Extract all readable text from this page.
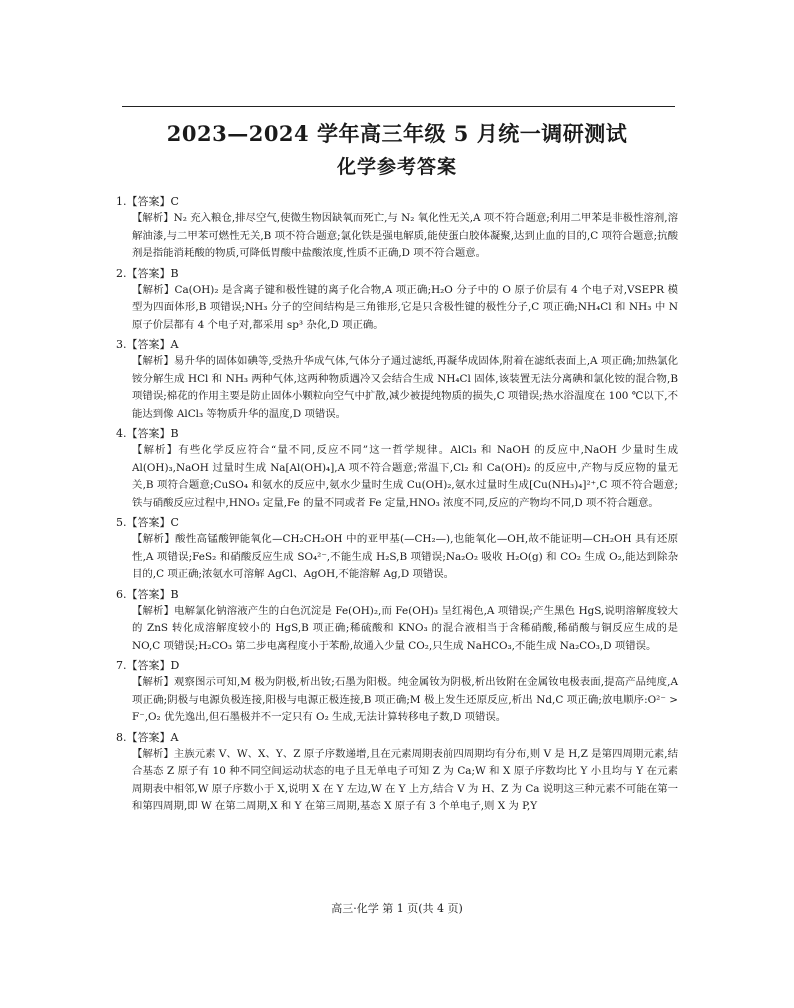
2023—2024 学年高三年级 5 月统一调研测试
化学参考答案

1.【答案】C

【解析】N₂ 充入粮仓,排尽空气,使微生物因缺氧而死亡,与 N₂ 氧化性无关,A 项不符合题意;利用二甲苯是非极性溶剂,溶解油漆,与二甲苯可燃性无关,B 项不符合题意;氯化铁是强电解质,能使蛋白胶体凝聚,达到止血的目的,C 项符合题意;抗酸剂是指能消耗酸的物质,可降低胃酸中盐酸浓度,性质不正确,D 项不符合题意。

2.【答案】B

【解析】Ca(OH)₂ 是含离子键和极性键的离子化合物,A 项正确;H₂O 分子中的 O 原子价层有 4 个电子对,VSEPR 模型为四面体形,B 项错误;NH₃ 分子的空间结构是三角锥形,它是只含极性键的极性分子,C 项正确;NH₄Cl 和 NH₃ 中 N 原子价层都有 4 个电子对,都采用 sp³ 杂化,D 项正确。

3.【答案】A

【解析】易升华的固体如碘等,受热升华成气体,气体分子通过滤纸,再凝华成固体,附着在滤纸表面上,A 项正确;加热氯化铵分解生成 HCl 和 NH₃ 两种气体,这两种物质遇冷又会结合生成 NH₄Cl 固体,该装置无法分离碘和氯化铵的混合物,B 项错误;棉花的作用主要是防止固体小颗粒向空气中扩散,减少被提纯物质的损失,C 项错误;热水浴温度在 100 ℃以下,不能达到像 AlCl₃ 等物质升华的温度,D 项错误。

4.【答案】B

【解析】有些化学反应符合“量不同,反应不同”这一哲学规律。AlCl₃ 和 NaOH 的反应中,NaOH 少量时生成 Al(OH)₃,NaOH 过量时生成 Na[Al(OH)₄],A 项不符合题意;常温下,Cl₂ 和 Ca(OH)₂ 的反应中,产物与反应物的量无关,B 项符合题意;CuSO₄ 和氨水的反应中,氨水少量时生成 Cu(OH)₂,氨水过量时生成[Cu(NH₃)₄]²⁺,C 项不符合题意;铁与硝酸反应过程中,HNO₃ 定量,Fe 的量不同或者 Fe 定量,HNO₃ 浓度不同,反应的产物均不同,D 项不符合题意。

5.【答案】C

【解析】酸性高锰酸钾能氧化—CH₂CH₂OH 中的亚甲基(—CH₂—),也能氧化—OH,故不能证明—CH₂OH 具有还原性,A 项错误;FeS₂ 和硝酸反应生成 SO₄²⁻,不能生成 H₂S,B 项错误;Na₂O₂ 吸收 H₂O(g) 和 CO₂ 生成 O₂,能达到除杂目的,C 项正确;浓氨水可溶解 AgCl、AgOH,不能溶解 Ag,D 项错误。

6.【答案】B

【解析】电解氯化钠溶液产生的白色沉淀是 Fe(OH)₂,而 Fe(OH)₃ 呈红褐色,A 项错误;产生黑色 HgS,说明溶解度较大的 ZnS 转化成溶解度较小的 HgS,B 项正确;稀硫酸和 KNO₃ 的混合液相当于含稀硝酸,稀硝酸与铜反应生成的是 NO,C 项错误;H₂CO₃ 第二步电离程度小于苯酚,故通入少量 CO₂,只生成 NaHCO₃,不能生成 Na₂CO₃,D 项错误。

7.【答案】D

【解析】观察图示可知,M 极为阴极,析出钕;石墨为阳极。纯金属钕为阴极,析出钕附在金属钕电极表面,提高产品纯度,A 项正确;阴极与电源负极连接,阳极与电源正极连接,B 项正确;M 极上发生还原反应,析出 Nd,C 项正确;放电顺序:O²⁻ > F⁻,O₂ 优先逸出,但石墨极并不一定只有 O₂ 生成,无法计算转移电子数,D 项错误。

8.【答案】A

【解析】主族元素 V、W、X、Y、Z 原子序数递增,且在元素周期表前四周期均有分布,则 V 是 H,Z 是第四周期元素,结合基态 Z 原子有 10 种不同空间运动状态的电子且无单电子可知 Z 为 Ca;W 和 X 原子序数均比 Y 小且均与 Y 在元素周期表中相邻,W 原子序数小于 X,说明 X 在 Y 左边,W 在 Y 上方,结合 V 为 H、Z 为 Ca 说明这三种元素不可能在第一和第四周期,即 W 在第二周期,X 和 Y 在第三周期,基态 X 原子有 3 个单电子,则 X 为 P,Y

高三·化学 第 1 页(共 4 页)
